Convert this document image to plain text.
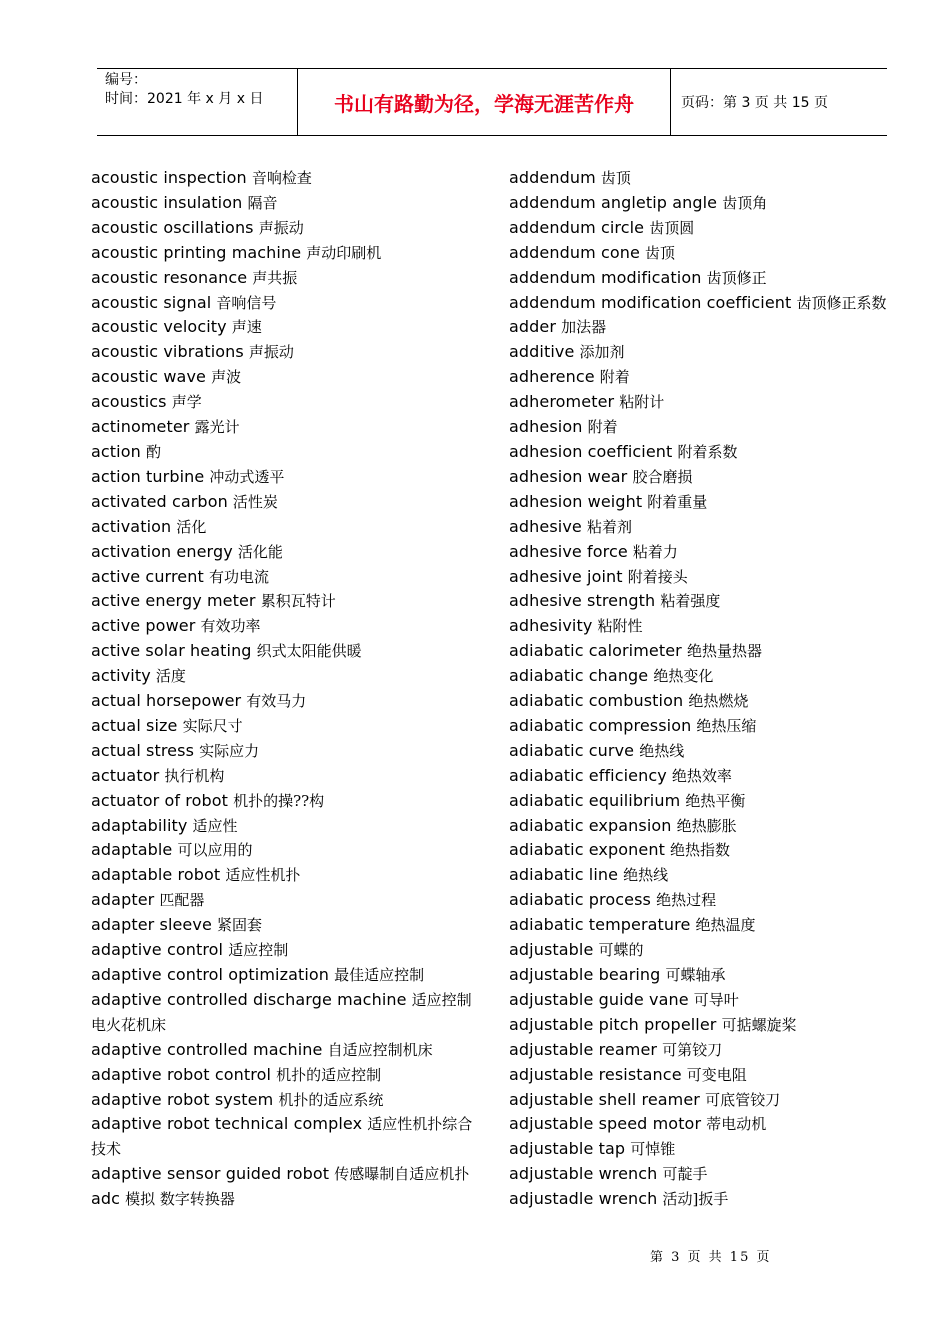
编号：
时间：2021 年 x 月 x 日	书山有路勤为径，学海无涯苦作舟	页码：第 3 页 共 15 页
acoustic inspection 音响检查
acoustic insulation 隔音
acoustic oscillations 声振动
acoustic printing machine 声动印刷机
acoustic resonance 声共振
acoustic signal 音响信号
acoustic velocity 声速
acoustic vibrations 声振动
acoustic wave 声波
acoustics 声学
actinometer 露光计
action 酌
action turbine 冲动式透平
activated carbon 活性炭
activation 活化
activation energy 活化能
active current 有功电流
active energy meter 累积瓦特计
active power 有效功率
active solar heating 织式太阳能供暖
activity 活度
actual horsepower 有效马力
actual size 实际尺寸
actual stress 实际应力
actuator 执行机构
actuator of robot 机扑的操??构
adaptability 适应性
adaptable 可以应用的
adaptable robot 适应性机扑
adapter 匹配器
adapter sleeve 紧固套
adaptive control 适应控制
adaptive control optimization 最佳适应控制
adaptive controlled discharge machine 适应控制电火花机床
adaptive controlled machine 自适应控制机床
adaptive robot control 机扑的适应控制
adaptive robot system 机扑的适应系统
adaptive robot technical complex 适应性机扑综合技术
adaptive sensor guided robot 传感曝制自适应机扑
adc 模拟 数字转换器
addendum 齿顶
addendum angletip angle 齿顶角
addendum circle 齿顶圆
addendum cone 齿顶
addendum modification 齿顶修正
addendum modification coefficient 齿顶修正系数
adder 加法器
additive 添加剂
adherence 附着
adherometer 粘附计
adhesion 附着
adhesion coefficient 附着系数
adhesion wear 胶合磨损
adhesion weight 附着重量
adhesive 粘着剂
adhesive force 粘着力
adhesive joint 附着接头
adhesive strength 粘着强度
adhesivity 粘附性
adiabatic calorimeter 绝热量热器
adiabatic change 绝热变化
adiabatic combustion 绝热燃烧
adiabatic compression 绝热压缩
adiabatic curve 绝热线
adiabatic efficiency 绝热效率
adiabatic equilibrium 绝热平衡
adiabatic expansion 绝热膨胀
adiabatic exponent 绝热指数
adiabatic line 绝热线
adiabatic process 绝热过程
adiabatic temperature 绝热温度
adjustable 可蝶的
adjustable bearing 可蝶轴承
adjustable guide vane 可导叶
adjustable pitch propeller 可掂螺旋桨
adjustable reamer 可第铰刀
adjustable resistance 可变电阻
adjustable shell reamer 可底管铰刀
adjustable speed motor 蒂电动机
adjustable tap 可悼锥
adjustable wrench 可靛手
adjustadle wrench 活动]扳手
第 3 页 共 15 页
